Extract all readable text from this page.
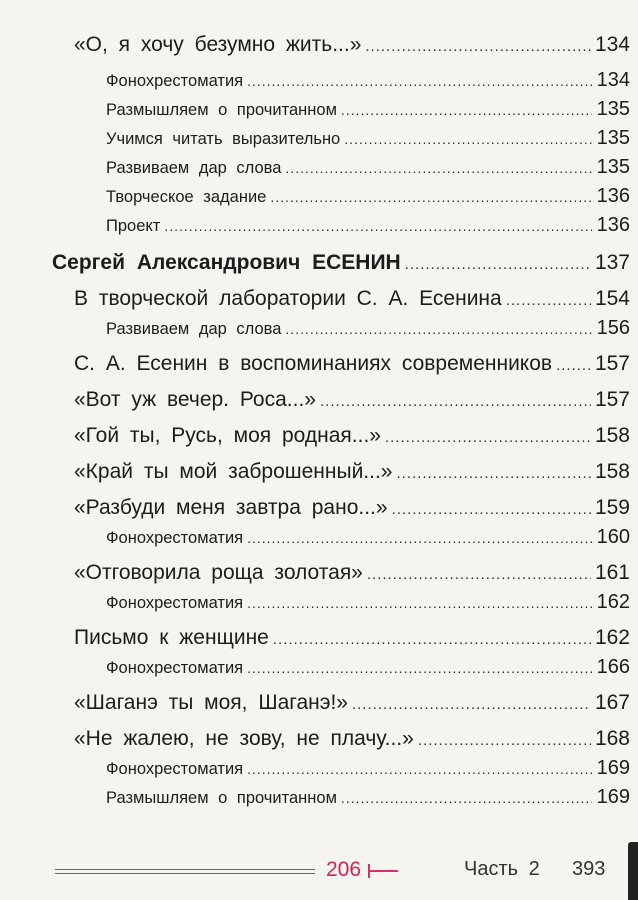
«О, я хочу безумно жить...» .....	134
Фонохрестоматия .....	134
Размышляем о прочитанном .....	135
Учимся читать выразительно .....	135
Развиваем дар слова .....	135
Творческое задание .....	136
Проект .....	136
Сергей Александрович ЕСЕНИН .....	137
В творческой лаборатории С. А. Есенина .....	154
Развиваем дар слова .....	156
С. А. Есенин в воспоминаниях современников ..... 157
«Вот уж вечер. Роса...» .....	157
«Гой ты, Русь, моя родная...» .....	158
«Край ты мой заброшенный...» .....	158
«Разбуди меня завтра рано...» .....	159
Фонохрестоматия .....	160
«Отговорила роща золотая» .....	161
Фонохрестоматия .....	162
Письмо к женщине .....	162
Фонохрестоматия .....	166
«Шаганэ ты моя, Шаганэ!» .....	167
«Не жалею, не зову, не плачу...» .....	168
Фонохрестоматия .....	169
Размышляем о прочитанном .....	169
206	Часть 2 393
